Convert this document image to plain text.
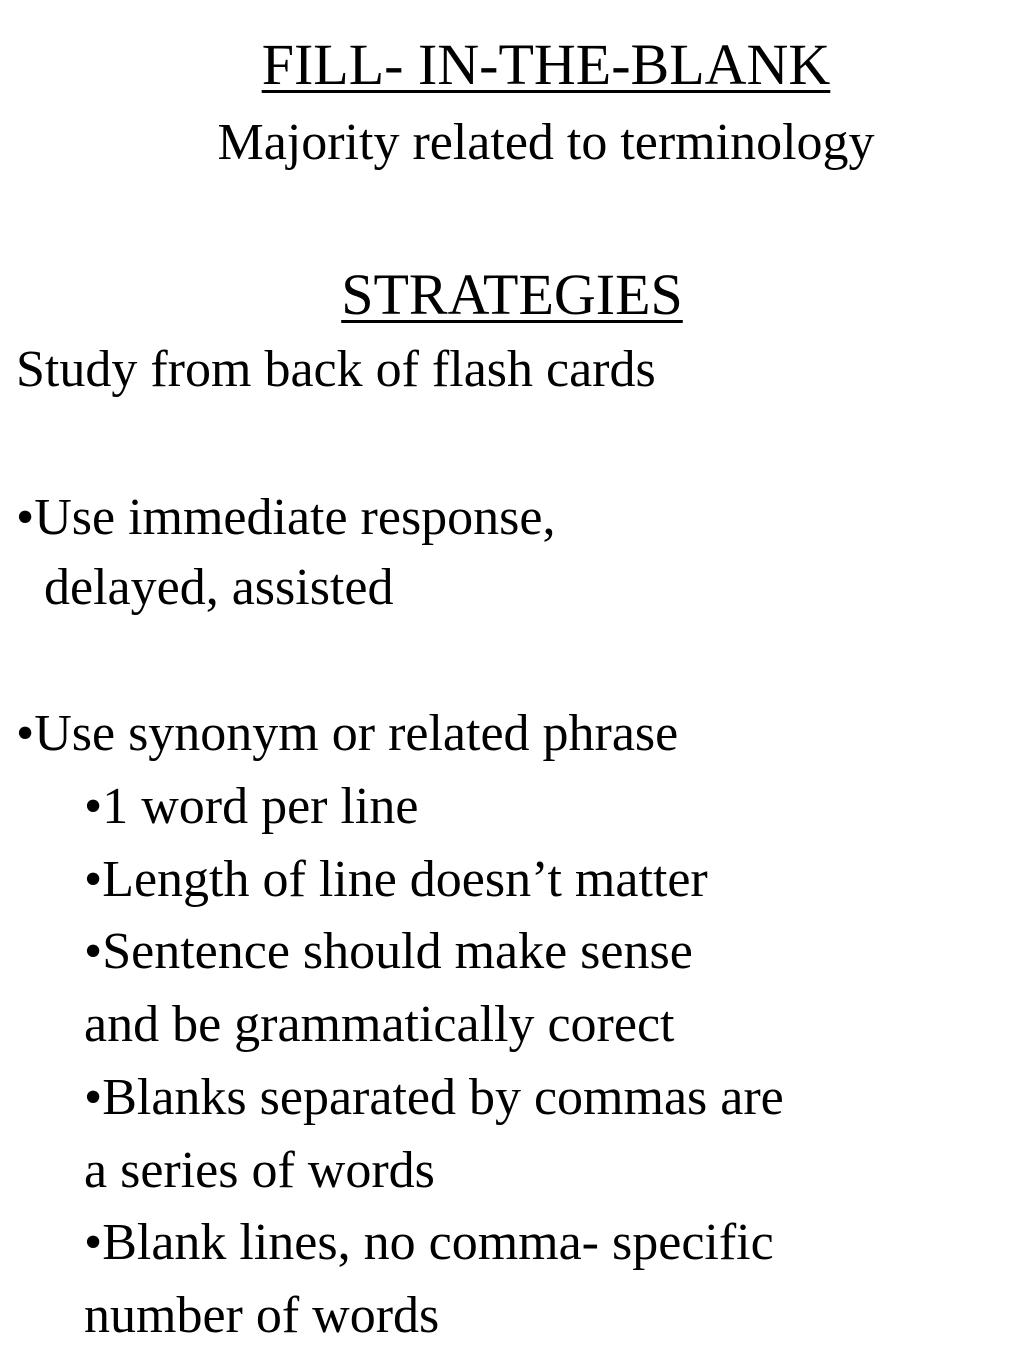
FILL- IN-THE-BLANK
Majority related to terminology
STRATEGIES
Study from back of flash cards
•Use immediate response,
delayed, assisted
•Use synonym or related phrase
•1 word per line
•Length of line doesn’t matter
•Sentence should make sense
and be grammatically corect
•Blanks separated by commas are
a series of words
•Blank lines, no comma- specific
number of words
